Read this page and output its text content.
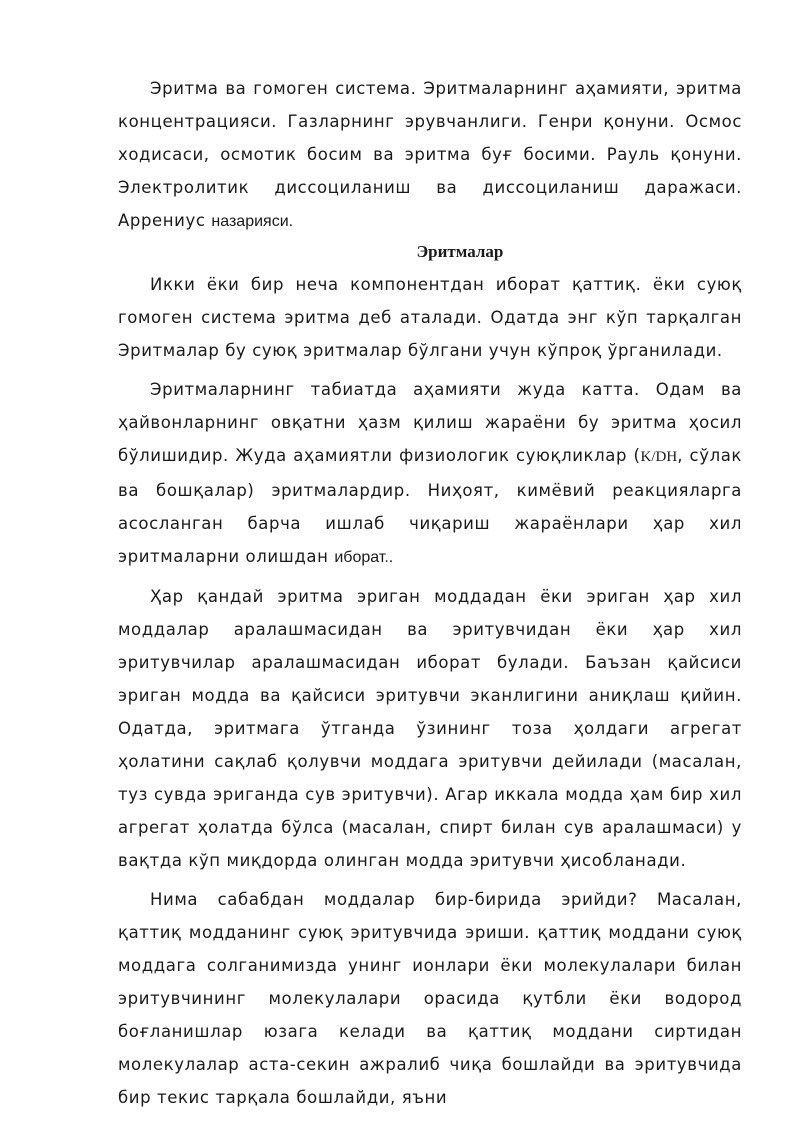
Эритма ва гомоген система. Эритмаларнинг аҳамияти, эритма концентрацияси. Газларнинг эрувчанлиги. Генри қонуни. Осмос ходисаси, осмотик босим ва эритма буғ босими. Рауль қонуни. Электролитик диссоциланиш ва диссоциланиш даражаси. Аррениус назарияси.

Эритмалар

Икки ёки бир неча компонентдан иборат қаттиқ. ёки суюқ гомоген система эритма деб аталади. Одатда энг кўп тарқалган Эритмалар бу суюқ эритмалар бўлгани учун кўпроқ ўрганилади.

Эритмаларнинг табиатда аҳамияти жуда катта. Одам ва ҳайвонларнинг овқатни ҳазм қилиш жараёни бу эритма ҳосил бўлишидир. Жуда аҳамиятли физиологик суюқликлар (K/DH, сўлак ва бошқалар) эритмалардир. Ниҳоят, кимёвий реакцияларга асосланган барча ишлаб чиқариш жараёнлари ҳар хил эритмаларни олишдан иборат..

Ҳар қандай эритма эриган моддадан ёки эриган ҳар хил моддалар аралашмасидан ва эритувчидан ёки ҳар хил эритувчилар аралашмасидан иборат булади. Баъзан қайсиси эриган модда ва қайсиси эритувчи эканлигини аниқлаш қийин. Одатда, эритмага ўтганда ўзининг тоза ҳолдаги агрегат ҳолатини сақлаб қолувчи моддага эритувчи дейилади (масалан, туз сувда эриганда сув эритувчи). Агар иккала модда ҳам бир хил агрегат ҳолатда бўлса (масалан, спирт билан сув аралашмаси) у вақтда кўп миқдорда олинган модда эритувчи ҳисобланади.

Нима сабабдан моддалар бир-бирида эрийди? Масалан, қаттиқ модданинг суюқ эритувчида эриши. қаттиқ моддани суюқ моддага солганимизда унинг ионлари ёки молекулалари билан эритувчининг молекулалари орасида қутбли ёки водород боғланишлар юзага келади ва қаттиқ моддани сиртидан молекулалар аста-секин ажралиб чиқа бошлайди ва эритувчида бир текис тарқала бошлайди, яъни
